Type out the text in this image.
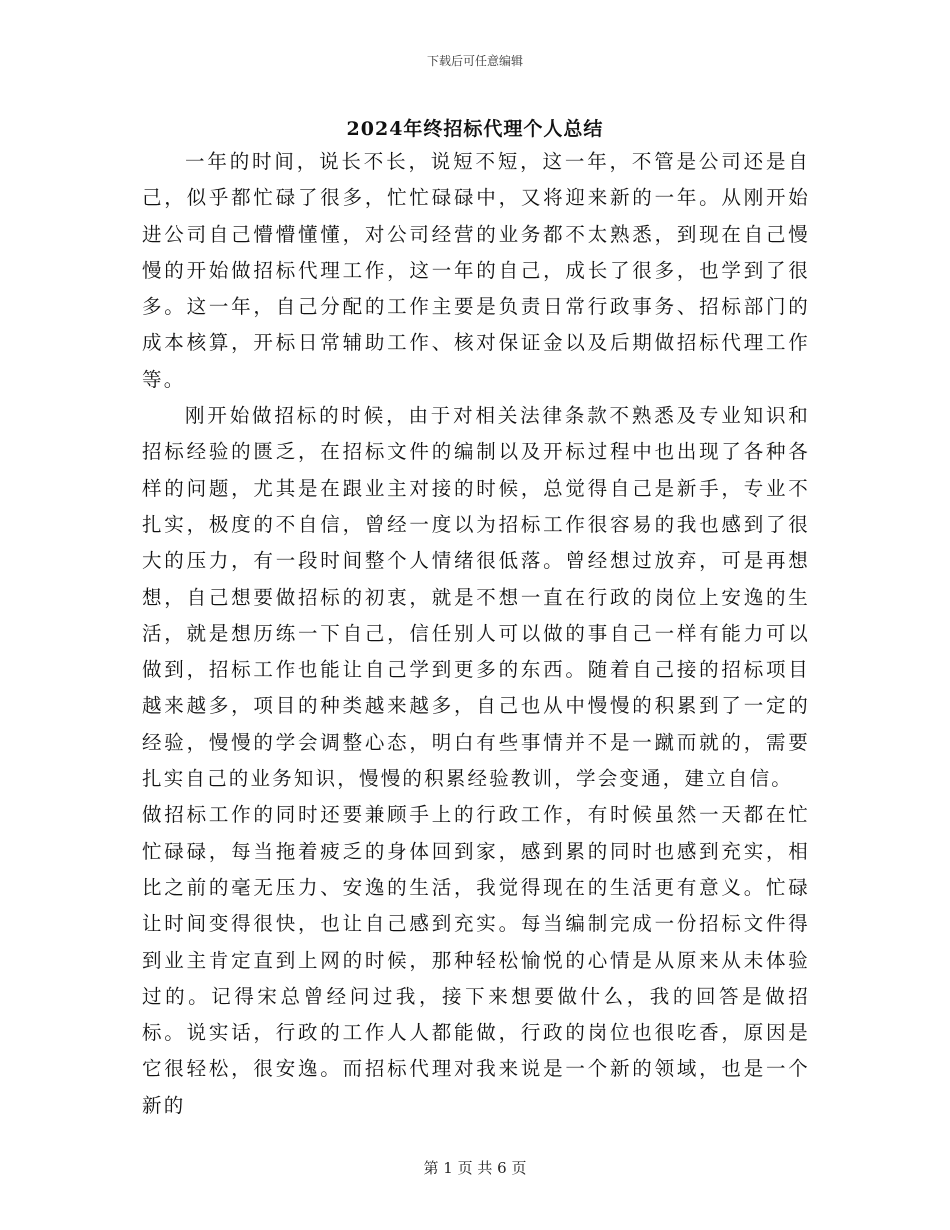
下载后可任意编辑
2024年终招标代理个人总结

一年的时间，说长不长，说短不短，这一年，不管是公司还是自己，似乎都忙碌了很多，忙忙碌碌中，又将迎来新的一年。从刚开始进公司自己懵懵懂懂，对公司经营的业务都不太熟悉，到现在自己慢慢的开始做招标代理工作，这一年的自己，成长了很多，也学到了很多。这一年，自己分配的工作主要是负责日常行政事务、招标部门的成本核算，开标日常辅助工作、核对保证金以及后期做招标代理工作等。

刚开始做招标的时候，由于对相关法律条款不熟悉及专业知识和招标经验的匮乏，在招标文件的编制以及开标过程中也出现了各种各样的问题，尤其是在跟业主对接的时候，总觉得自己是新手，专业不扎实，极度的不自信，曾经一度以为招标工作很容易的我也感到了很大的压力，有一段时间整个人情绪很低落。曾经想过放弃，可是再想想，自己想要做招标的初衷，就是不想一直在行政的岗位上安逸的生活，就是想历练一下自己，信任别人可以做的事自己一样有能力可以做到，招标工作也能让自己学到更多的东西。随着自己接的招标项目越来越多，项目的种类越来越多，自己也从中慢慢的积累到了一定的经验，慢慢的学会调整心态，明白有些事情并不是一蹴而就的，需要扎实自己的业务知识，慢慢的积累经验教训，学会变通，建立自信。

做招标工作的同时还要兼顾手上的行政工作，有时候虽然一天都在忙忙碌碌，每当拖着疲乏的身体回到家，感到累的同时也感到充实，相比之前的毫无压力、安逸的生活，我觉得现在的生活更有意义。忙碌让时间变得很快，也让自己感到充实。每当编制完成一份招标文件得到业主肯定直到上网的时候，那种轻松愉悦的心情是从原来从未体验过的。记得宋总曾经问过我，接下来想要做什么，我的回答是做招标。说实话，行政的工作人人都能做，行政的岗位也很吃香，原因是它很轻松，很安逸。而招标代理对我来说是一个新的领域，也是一个新的

第 1 页 共 6 页
